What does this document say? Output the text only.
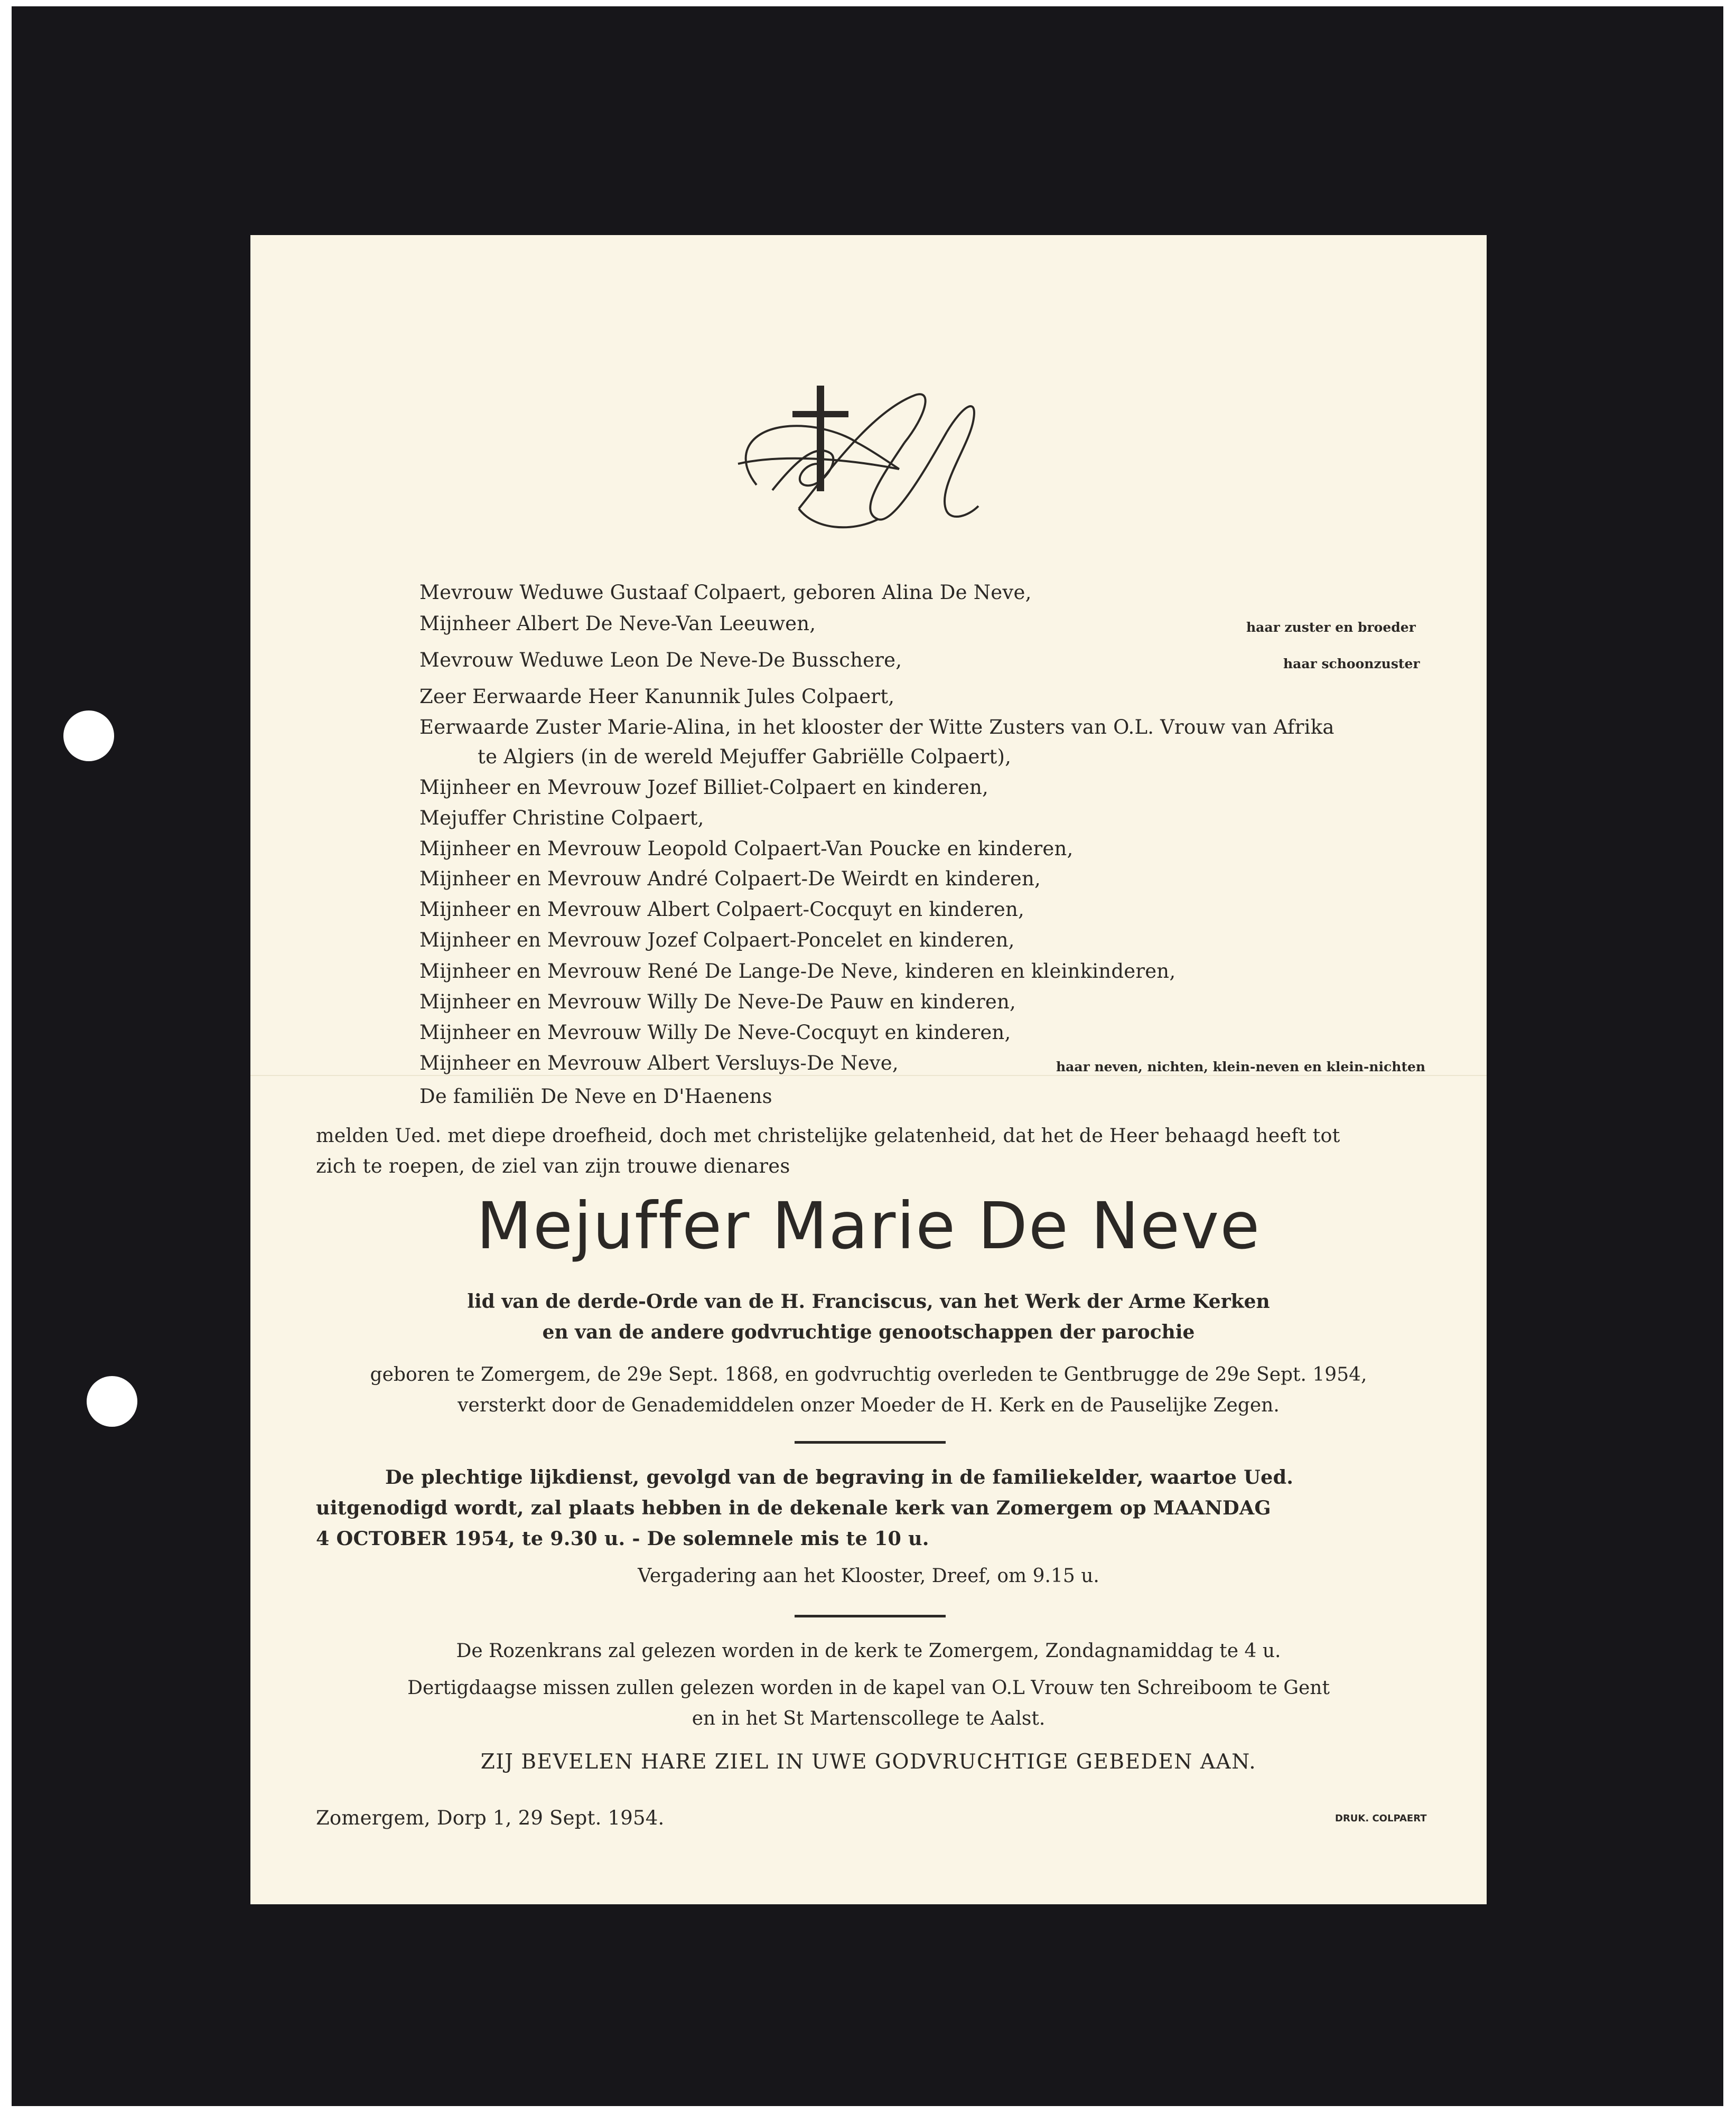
Mevrouw Weduwe Gustaaf Colpaert, geboren Alina De Neve,
Mijnheer Albert De Neve-Van Leeuwen,	haar zuster en broeder
Mevrouw Weduwe Leon De Neve-De Busschere,	haar schoonzuster
Zeer Eerwaarde Heer Kanunnik Jules Colpaert,
Eerwaarde Zuster Marie-Alina, in het klooster der Witte Zusters van O.L. Vrouw van Afrika
te Algiers (in de wereld Mejuffer Gabriëlle Colpaert),
Mijnheer en Mevrouw Jozef Billiet-Colpaert en kinderen,
Mejuffer Christine Colpaert,
Mijnheer en Mevrouw Leopold Colpaert-Van Poucke en kinderen,
Mijnheer en Mevrouw André Colpaert-De Weirdt en kinderen,
Mijnheer en Mevrouw Albert Colpaert-Cocquyt en kinderen,
Mijnheer en Mevrouw Jozef Colpaert-Poncelet en kinderen,
Mijnheer en Mevrouw René De Lange-De Neve, kinderen en kleinkinderen,
Mijnheer en Mevrouw Willy De Neve-De Pauw en kinderen,
Mijnheer en Mevrouw Willy De Neve-Cocquyt en kinderen,
Mijnheer en Mevrouw Albert Versluys-De Neve,	haar neven, nichten, klein-neven en klein-nichten
De familiën De Neve en D'Haenens
melden Ued. met diepe droefheid, doch met christelijke gelatenheid, dat het de Heer behaagd heeft tot
zich te roepen, de ziel van zijn trouwe dienares
Mejuffer Marie De Neve
lid van de derde-Orde van de H. Franciscus, van het Werk der Arme Kerken
en van de andere godvruchtige genootschappen der parochie
geboren te Zomergem, de 29e Sept. 1868, en godvruchtig overleden te Gentbrugge de 29e Sept. 1954,
versterkt door de Genademiddelen onzer Moeder de H. Kerk en de Pauselijke Zegen.
De plechtige lijkdienst, gevolgd van de begraving in de familiekelder, waartoe Ued.
uitgenodigd wordt, zal plaats hebben in de dekenale kerk van Zomergem op MAANDAG
4 OCTOBER 1954, te 9.30 u. - De solemnele mis te 10 u.
Vergadering aan het Klooster, Dreef, om 9.15 u.
De Rozenkrans zal gelezen worden in de kerk te Zomergem, Zondagnamiddag te 4 u.
Dertigdaagse missen zullen gelezen worden in de kapel van O.L Vrouw ten Schreiboom te Gent
en in het St Martenscollege te Aalst.
ZIJ BEVELEN HARE ZIEL IN UWE GODVRUCHTIGE GEBEDEN AAN.
Zomergem, Dorp 1, 29 Sept. 1954.	DRUK. COLPAERT
